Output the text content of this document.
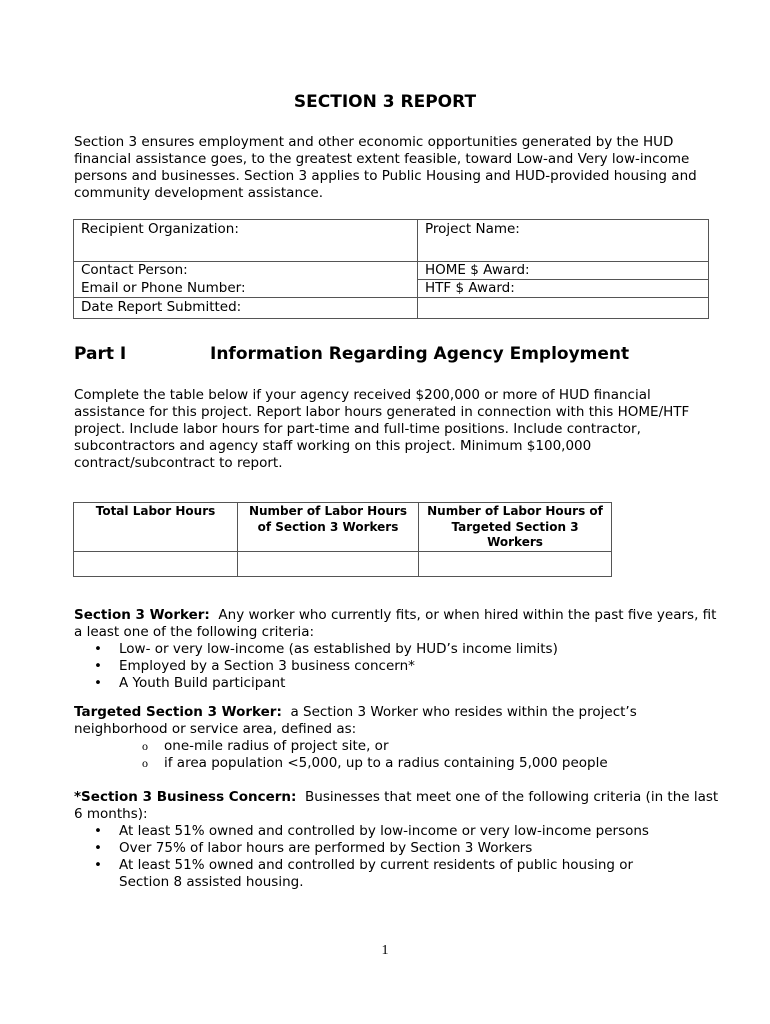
SECTION 3 REPORT

Section 3 ensures employment and other economic opportunities generated by the HUD financial assistance goes, to the greatest extent feasible, toward Low-and Very low-income persons and businesses. Section 3 applies to Public Housing and HUD-provided housing and community development assistance.

Recipient Organization:	Project Name:
Contact Person:	HOME $ Award:
Email or Phone Number:	HTF $ Award:
Date Report Submitted:	
Part I	Information Regarding Agency Employment

Complete the table below if your agency received $200,000 or more of HUD financial assistance for this project. Report labor hours generated in connection with this HOME/HTF project. Include labor hours for part-time and full-time positions. Include contractor, subcontractors and agency staff working on this project. Minimum $100,000 contract/subcontract to report.

Total Labor Hours	Number of Labor Hours of Section 3 Workers	Number of Labor Hours of Targeted Section 3 Workers

Section 3 Worker: Any worker who currently fits, or when hired within the past five years, fit a least one of the following criteria:
• Low- or very low-income (as established by HUD’s income limits)
• Employed by a Section 3 business concern*
• A Youth Build participant
Targeted Section 3 Worker: a Section 3 Worker who resides within the project’s neighborhood or service area, defined as:
o one-mile radius of project site, or
o if area population <5,000, up to a radius containing 5,000 people
*Section 3 Business Concern: Businesses that meet one of the following criteria (in the last 6 months):
• At least 51% owned and controlled by low-income or very low-income persons
• Over 75% of labor hours are performed by Section 3 Workers
• At least 51% owned and controlled by current residents of public housing or Section 8 assisted housing.
1
